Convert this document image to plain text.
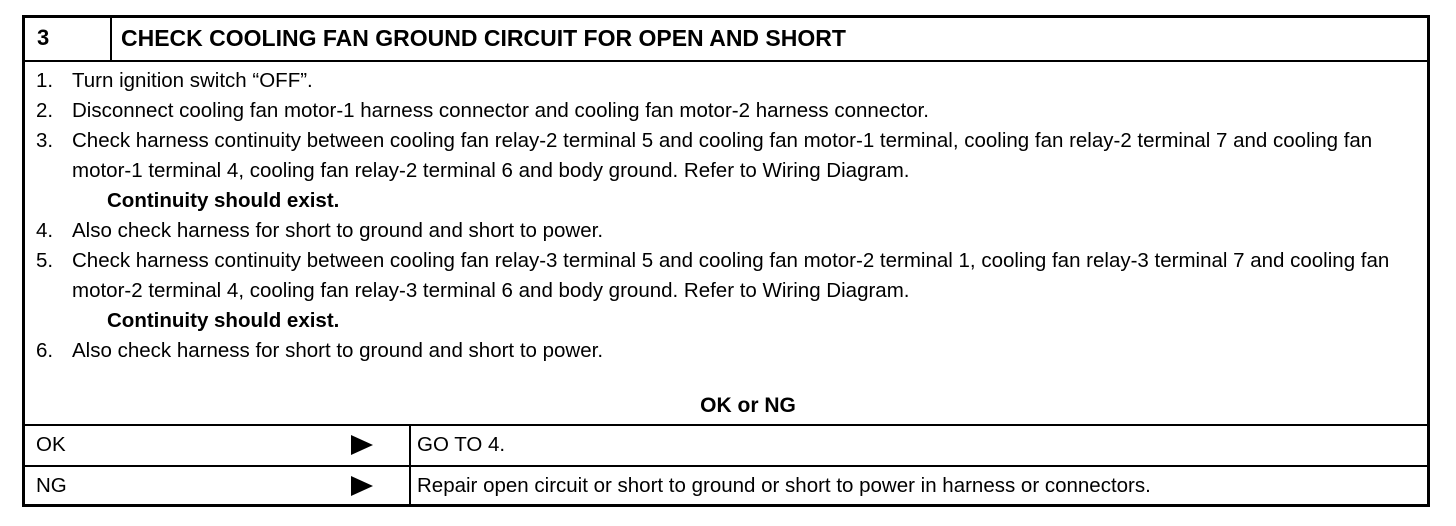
3	CHECK COOLING FAN GROUND CIRCUIT FOR OPEN AND SHORT
1. Turn ignition switch “OFF”.
2. Disconnect cooling fan motor-1 harness connector and cooling fan motor-2 harness connector.
3. Check harness continuity between cooling fan relay-2 terminal 5 and cooling fan motor-1 terminal, cooling fan relay-2 terminal 7 and cooling fan motor-1 terminal 4, cooling fan relay-2 terminal 6 and body ground. Refer to Wiring Diagram.
Continuity should exist.
4. Also check harness for short to ground and short to power.
5. Check harness continuity between cooling fan relay-3 terminal 5 and cooling fan motor-2 terminal 1, cooling fan relay-3 terminal 7 and cooling fan motor-2 terminal 4, cooling fan relay-3 terminal 6 and body ground. Refer to Wiring Diagram.
Continuity should exist.
6. Also check harness for short to ground and short to power.
OK or NG
OK	GO TO 4.
NG	Repair open circuit or short to ground or short to power in harness or connectors.
